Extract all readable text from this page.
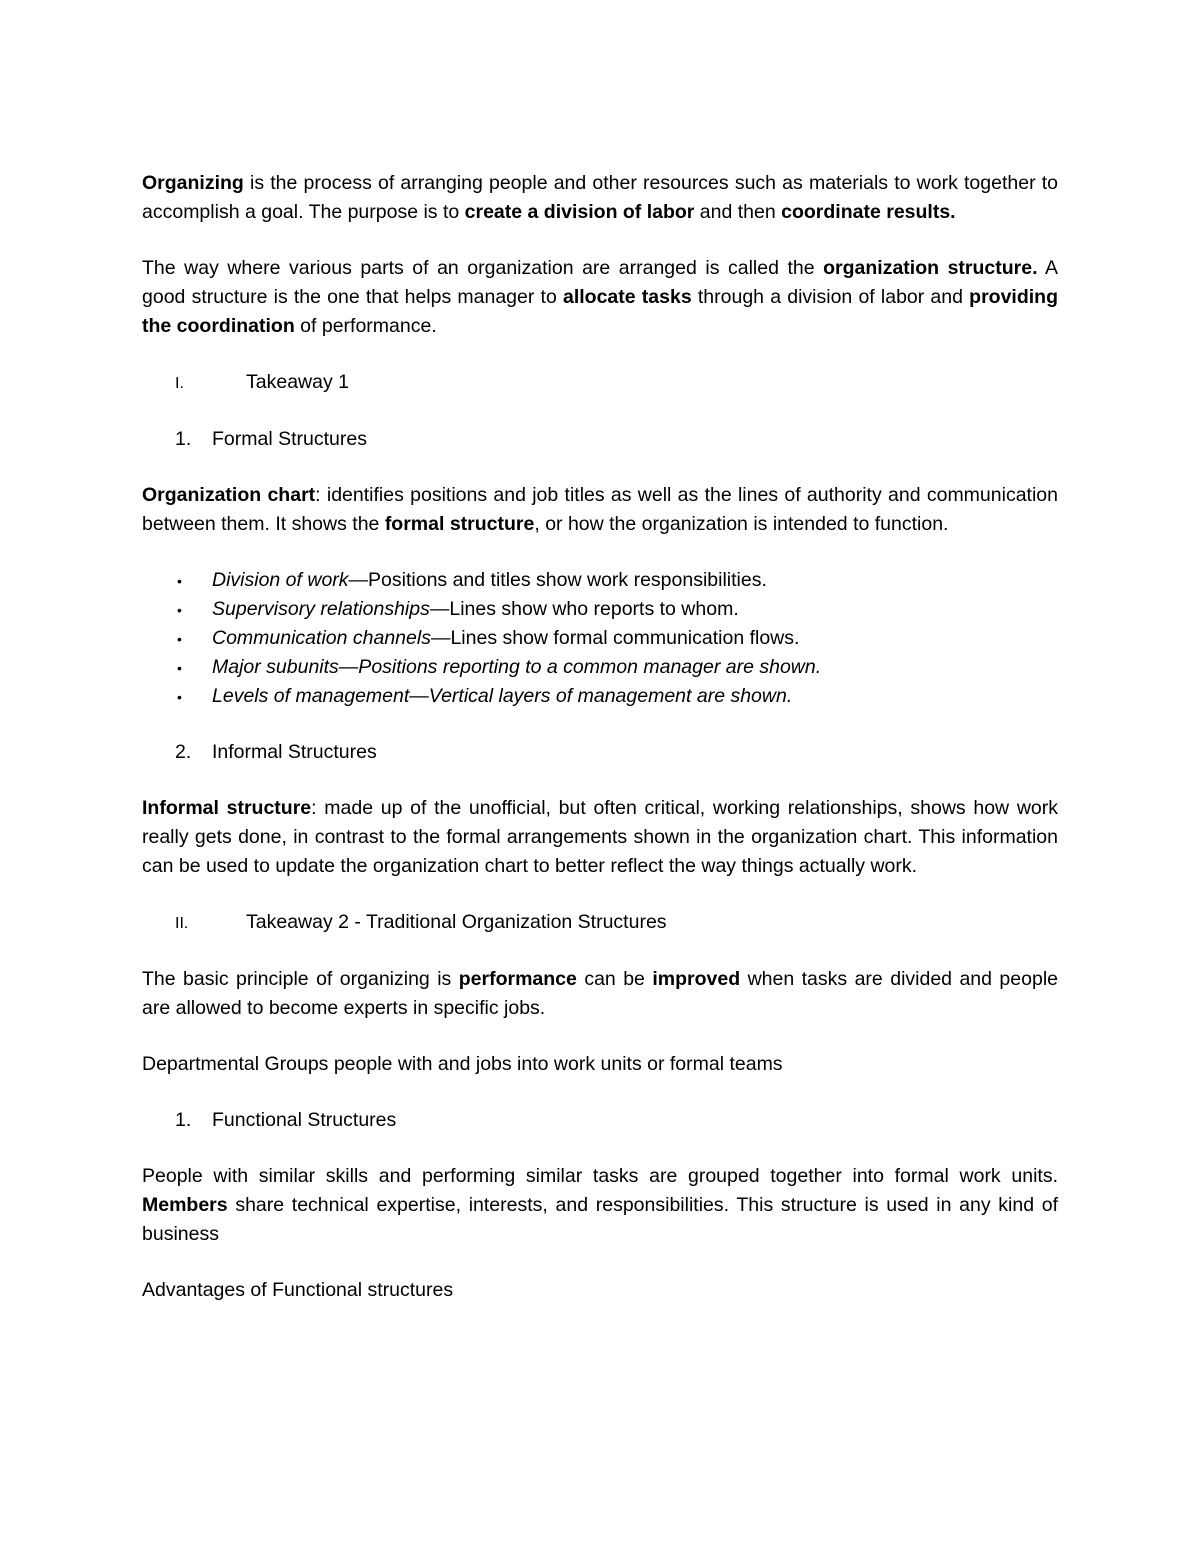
Organizing is the process of arranging people and other resources such as materials to work together to accomplish a goal. The purpose is to create a division of labor and then coordinate results.

The way where various parts of an organization are arranged is called the organization structure. A good structure is the one that helps manager to allocate tasks through a division of labor and providing the coordination of performance.

I.	Takeaway 1
1.	Formal Structures

Organization chart: identifies positions and job titles as well as the lines of authority and communication between them. It shows the formal structure, or how the organization is intended to function.

•	Division of work—Positions and titles show work responsibilities.
•	Supervisory relationships—Lines show who reports to whom.
•	Communication channels—Lines show formal communication flows.
•	Major subunits—Positions reporting to a common manager are shown.
•	Levels of management—Vertical layers of management are shown.
2.	Informal Structures

Informal structure: made up of the unofficial, but often critical, working relationships, shows how work really gets done, in contrast to the formal arrangements shown in the organization chart. This information can be used to update the organization chart to better reflect the way things actually work.

II.	Takeaway 2 - Traditional Organization Structures

The basic principle of organizing is performance can be improved when tasks are divided and people are allowed to become experts in specific jobs.

Departmental Groups people with and jobs into work units or formal teams

1.	Functional Structures

People with similar skills and performing similar tasks are grouped together into formal work units. Members share technical expertise, interests, and responsibilities. This structure is used in any kind of business

Advantages of Functional structures
